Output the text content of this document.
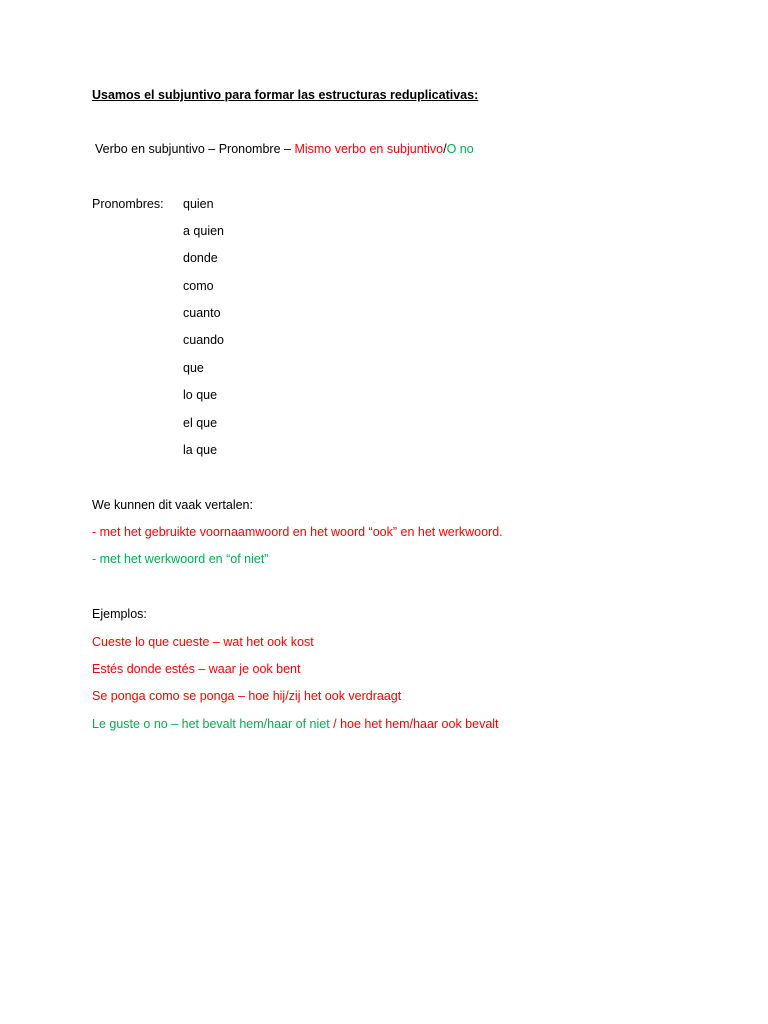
Usamos el subjuntivo para formar las estructuras reduplicativas:
Verbo en subjuntivo – Pronombre – Mismo verbo en subjuntivo/O no
Pronombres: quien
a quien
donde
como
cuanto
cuando
que
lo que
el que
la que
We kunnen dit vaak vertalen:
- met het gebruikte voornaamwoord en het woord “ook” en het werkwoord.
- met het werkwoord en “of niet”
Ejemplos:
Cueste lo que cueste – wat het ook kost
Estés donde estés – waar je ook bent
Se ponga como se ponga – hoe hij/zij het ook verdraagt
Le guste o no – het bevalt hem/haar of niet / hoe het hem/haar ook bevalt
